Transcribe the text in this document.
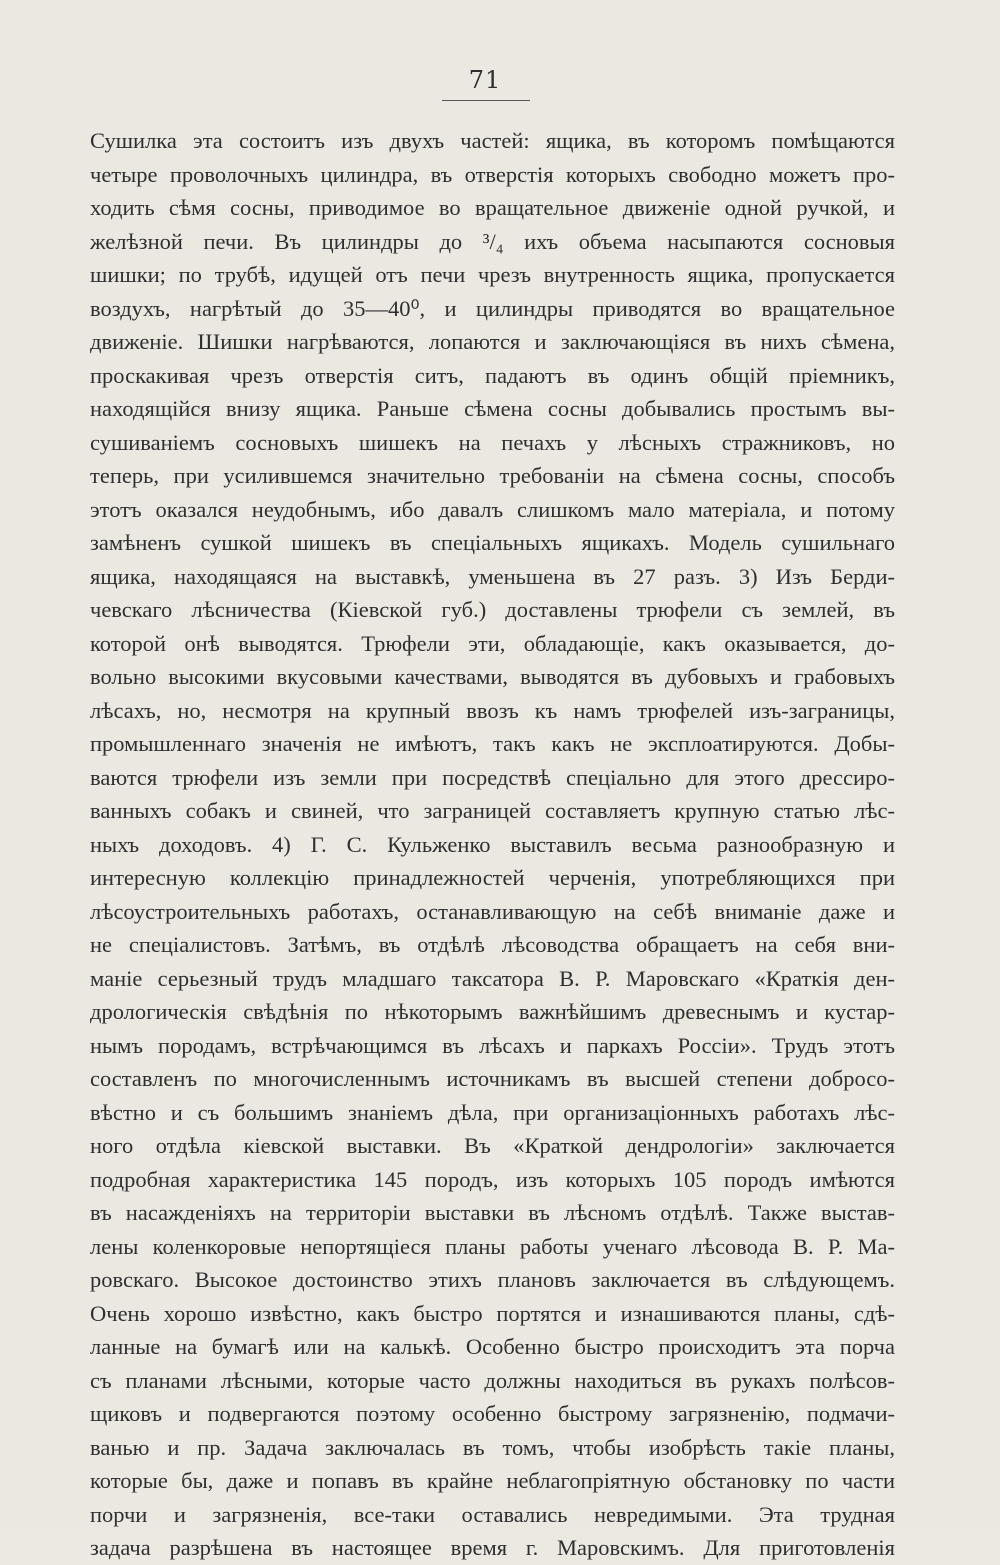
71
Сушилка эта состоитъ изъ двухъ частей: ящика, въ которомъ помѣщаются
четыре проволочныхъ цилиндра, въ отверстія которыхъ свободно можетъ про-
ходить сѣмя сосны, приводимое во вращательное движеніе одной ручкой, и
желѣзной печи. Въ цилиндры до ³/₄ ихъ объема насыпаются сосновыя
шишки; по трубѣ, идущей отъ печи чрезъ внутренность ящика, пропускается
воздухъ, нагрѣтый до 35—40⁰, и цилиндры приводятся во вращательное
движеніе. Шишки нагрѣваются, лопаются и заключающіяся въ нихъ сѣмена,
проскакивая чрезъ отверстія ситъ, падаютъ въ одинъ общій пріемникъ,
находящійся внизу ящика. Раньше сѣмена сосны добывались простымъ вы-
сушиваніемъ сосновыхъ шишекъ на печахъ у лѣсныхъ стражниковъ, но
теперь, при усилившемся значительно требованіи на сѣмена сосны, способъ
этотъ оказался неудобнымъ, ибо давалъ слишкомъ мало матеріала, и потому
замѣненъ сушкой шишекъ въ спеціальныхъ ящикахъ. Модель сушильнаго
ящика, находящаяся на выставкѣ, уменьшена въ 27 разъ. 3) Изъ Берди-
чевскаго лѣсничества (Кіевской губ.) доставлены трюфели съ землей, въ
которой онѣ выводятся. Трюфели эти, обладающіе, какъ оказывается, до-
вольно высокими вкусовыми качествами, выводятся въ дубовыхъ и грабовыхъ
лѣсахъ, но, несмотря на крупный ввозъ къ намъ трюфелей изъ-заграницы,
промышленнаго значенія не имѣютъ, такъ какъ не эксплоатируются. Добы-
ваются трюфели изъ земли при посредствѣ спеціально для этого дрессиро-
ванныхъ собакъ и свиней, что заграницей составляетъ крупную статью лѣс-
ныхъ доходовъ. 4) Г. С. Кульженко выставилъ весьма разнообразную и
интересную коллекцію принадлежностей черченія, употребляющихся при
лѣсоустроительныхъ работахъ, останавливающую на себѣ вниманіе даже и
не спеціалистовъ. Затѣмъ, въ отдѣлѣ лѣсоводства обращаетъ на себя вни-
маніе серьезный трудъ младшаго таксатора В. Р. Маровскаго «Краткія ден-
дрологическія свѣдѣнія по нѣкоторымъ важнѣйшимъ древеснымъ и кустар-
нымъ породамъ, встрѣчающимся въ лѣсахъ и паркахъ Россіи». Трудъ этотъ
составленъ по многочисленнымъ источникамъ въ высшей степени добросо-
вѣстно и съ большимъ знаніемъ дѣла, при организаціонныхъ работахъ лѣс-
ного отдѣла кіевской выставки. Въ «Краткой дендрологіи» заключается
подробная характеристика 145 породъ, изъ которыхъ 105 породъ имѣются
въ насажденіяхъ на территоріи выставки въ лѣсномъ отдѣлѣ. Также выстав-
лены коленкоровые непортящіеся планы работы ученаго лѣсовода В. Р. Ма-
ровскаго. Высокое достоинство этихъ плановъ заключается въ слѣдующемъ.
Очень хорошо извѣстно, какъ быстро портятся и изнашиваются планы, сдѣ-
ланные на бумагѣ или на калькѣ. Особенно быстро происходитъ эта порча
съ планами лѣсными, которые часто должны находиться въ рукахъ полѣсов-
щиковъ и подвергаются поэтому особенно быстрому загрязненію, подмачи-
ванью и пр. Задача заключалась въ томъ, чтобы изобрѣсть такіе планы,
которые бы, даже и попавъ въ крайне неблагопріятную обстановку по части
порчи и загрязненія, все-таки оставались невредимыми. Эта трудная
задача разрѣшена въ настоящее время г. Маровскимъ. Для приготовленія
